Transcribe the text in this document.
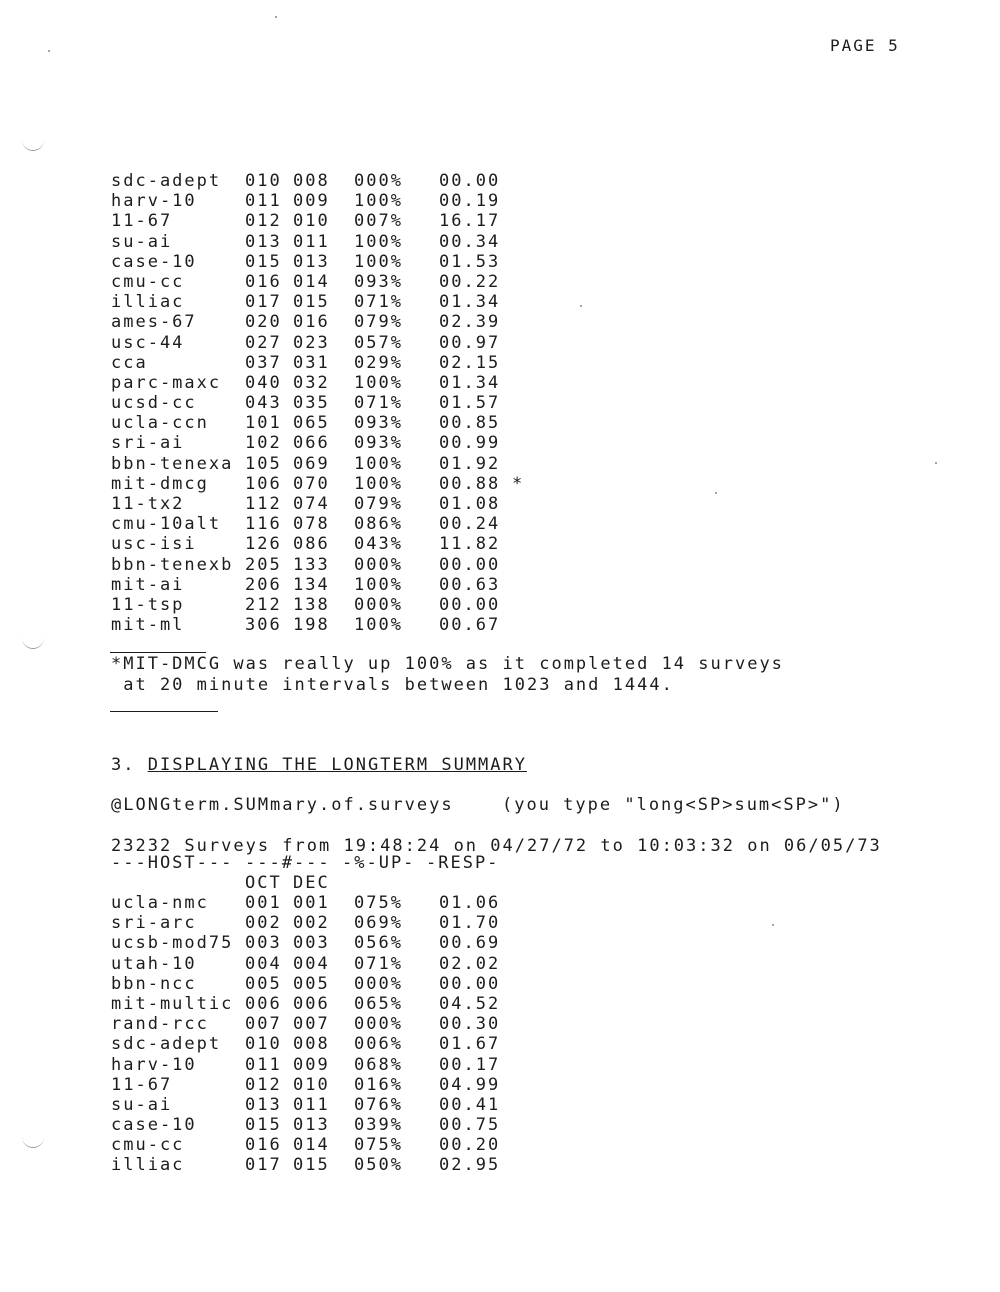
PAGE 5
sdc-adept 010 008 000% 00.00
harv-10	011 009 100% 00.19
11-67	012 010 007% 16.17
su-ai	013 011 100% 00.34
case-10	015 013 100% 01.53
cmu-cc	016 014 093% 00.22
illiac	017 015 071% 01.34
ames-67	020 016 079% 02.39
usc-44	027 023 057% 00.97
cca	037 031 029% 02.15
parc-maxc 040 032 100% 01.34
ucsd-cc	043 035 071% 01.57
ucla-ccn 101 065 093% 00.85
sri-ai	102 066 093% 00.99
bbn-tenexa 105 069 100% 01.92
mit-dmcg 106 070 100% 00.88 *
11-tx2	112 074 079% 01.08
cmu-10alt 116 078 086% 00.24
usc-isi	126 086 043% 11.82
bbn-tenexb 205 133 000% 00.00
mit-ai	206 134 100% 00.63
11-tsp	212 138 000% 00.00
mit-ml	306 198 100% 00.67
*MIT-DMCG was really up 100% as it completed 14 surveys
at 20 minute intervals between 1023 and 1444.
3. DISPLAYING THE LONGTERM SUMMARY
@LONGterm.SUMmary.of.surveys	(you type "long<SP>sum<SP>")
23232 Surveys from 19:48:24 on 04/27/72 to 10:03:32 on 06/05/73
---HOST--- ---#--- -%-UP- -RESP-
OCT DEC
ucla-nmc 001 001 075% 01.06
sri-arc	002 002 069% 01.70
ucsb-mod75 003 003 056% 00.69
utah-10	004 004 071% 02.02
bbn-ncc	005 005 000% 00.00
mit-multic 006 006 065% 04.52
rand-rcc 007 007 000% 00.30
sdc-adept 010 008 006% 01.67
harv-10	011 009 068% 00.17
11-67	012 010 016% 04.99
su-ai	013 011 076% 00.41
case-10	015 013 039% 00.75
cmu-cc	016 014 075% 00.20
illiac	017 015 050% 02.95
